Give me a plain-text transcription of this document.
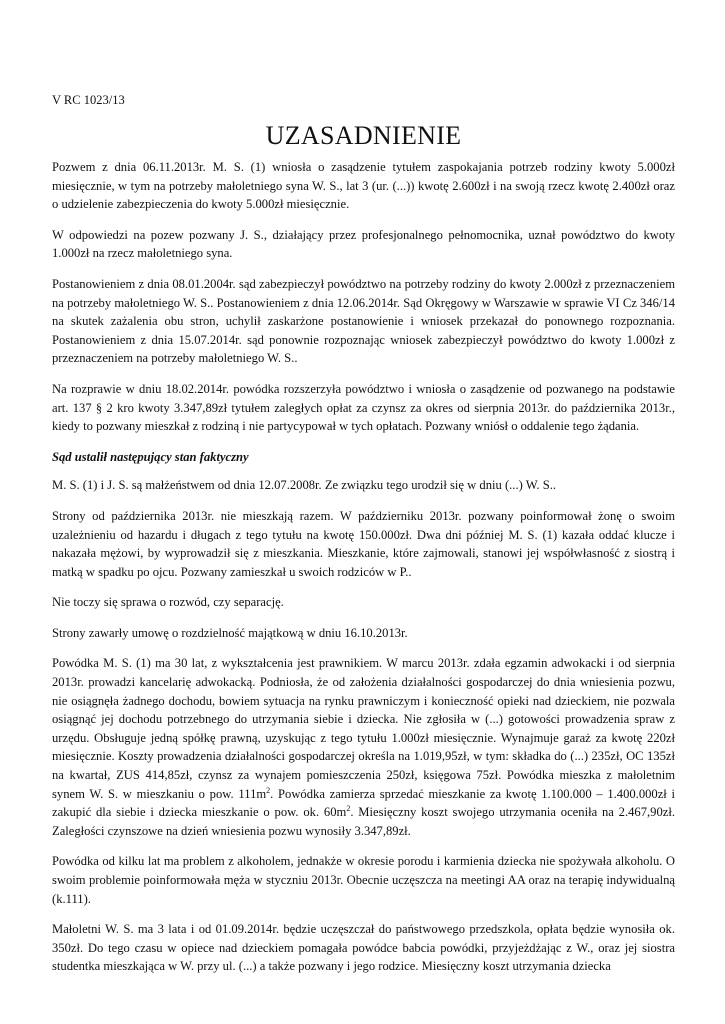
V RC 1023/13

UZASADNIENIE

Pozwem z dnia 06.11.2013r. M. S. (1) wniosła o zasądzenie tytułem zaspokajania potrzeb rodziny kwoty 5.000zł miesięcznie, w tym na potrzeby małoletniego syna W. S., lat 3 (ur. (...)) kwotę 2.600zł i na swoją rzecz kwotę 2.400zł oraz o udzielenie zabezpieczenia do kwoty 5.000zł miesięcznie.

W odpowiedzi na pozew pozwany J. S., działający przez profesjonalnego pełnomocnika, uznał powództwo do kwoty 1.000zł na rzecz małoletniego syna.

Postanowieniem z dnia 08.01.2004r. sąd zabezpieczył powództwo na potrzeby rodziny do kwoty 2.000zł z przeznaczeniem na potrzeby małoletniego W. S.. Postanowieniem z dnia 12.06.2014r. Sąd Okręgowy w Warszawie w sprawie VI Cz 346/14 na skutek zażalenia obu stron, uchylił zaskarżone postanowienie i wniosek przekazał do ponownego rozpoznania. Postanowieniem z dnia 15.07.2014r. sąd ponownie rozpoznając wniosek zabezpieczył powództwo do kwoty 1.000zł z przeznaczeniem na potrzeby małoletniego W. S..

Na rozprawie w dniu 18.02.2014r. powódka rozszerzyła powództwo i wniosła o zasądzenie od pozwanego na podstawie art. 137 § 2 kro kwoty 3.347,89zł tytułem zaległych opłat za czynsz za okres od sierpnia 2013r. do października 2013r., kiedy to pozwany mieszkał z rodziną i nie partycypował w tych opłatach. Pozwany wniósł o oddalenie tego żądania.

Sąd ustalił następujący stan faktyczny

M. S. (1) i J. S. są małżeństwem od dnia 12.07.2008r. Ze związku tego urodził się w dniu (...) W. S..

Strony od października 2013r. nie mieszkają razem. W październiku 2013r. pozwany poinformował żonę o swoim uzależnieniu od hazardu i długach z tego tytułu na kwotę 150.000zł. Dwa dni później M. S. (1) kazała oddać klucze i nakazała mężowi, by wyprowadził się z mieszkania. Mieszkanie, które zajmowali, stanowi jej współwłasność z siostrą i matką w spadku po ojcu. Pozwany zamieszkał u swoich rodziców w P..

Nie toczy się sprawa o rozwód, czy separację.

Strony zawarły umowę o rozdzielność majątkową w dniu 16.10.2013r.

Powódka M. S. (1) ma 30 lat, z wykształcenia jest prawnikiem. W marcu 2013r. zdała egzamin adwokacki i od sierpnia 2013r. prowadzi kancelarię adwokacką. Podniosła, że od założenia działalności gospodarczej do dnia wniesienia pozwu, nie osiągnęła żadnego dochodu, bowiem sytuacja na rynku prawniczym i konieczność opieki nad dzieckiem, nie pozwala osiągnąć jej dochodu potrzebnego do utrzymania siebie i dziecka. Nie zgłosiła w (...) gotowości prowadzenia spraw z urzędu. Obsługuje jedną spółkę prawną, uzyskując z tego tytułu 1.000zł miesięcznie. Wynajmuje garaż za kwotę 220zł miesięcznie. Koszty prowadzenia działalności gospodarczej określa na 1.019,95zł, w tym: składka do (...) 235zł, OC 135zł na kwartał, ZUS 414,85zł, czynsz za wynajem pomieszczenia 250zł, księgowa 75zł. Powódka mieszka z małoletnim synem W. S. w mieszkaniu o pow. $111m^2$. Powódka zamierza sprzedać mieszkanie za kwotę 1.100.000 – 1.400.000zł i zakupić dla siebie i dziecka mieszkanie o pow. ok. $60m^2$. Miesięczny koszt swojego utrzymania oceniła na 2.467,90zł. Zaległości czynszowe na dzień wniesienia pozwu wynosiły 3.347,89zł.

Powódka od kilku lat ma problem z alkoholem, jednakże w okresie porodu i karmienia dziecka nie spożywała alkoholu. O swoim problemie poinformowała męża w styczniu 2013r. Obecnie uczęszcza na meetingi AA oraz na terapię indywidualną (k.111).

Małoletni W. S. ma 3 lata i od 01.09.2014r. będzie uczęszczał do państwowego przedszkola, opłata będzie wynosiła ok. 350zł. Do tego czasu w opiece nad dzieckiem pomagała powódce babcia powódki, przyjeżdżając z W., oraz jej siostra studentka mieszkająca w W. przy ul. (...) a także pozwany i jego rodzice. Miesięczny koszt utrzymania dziecka
